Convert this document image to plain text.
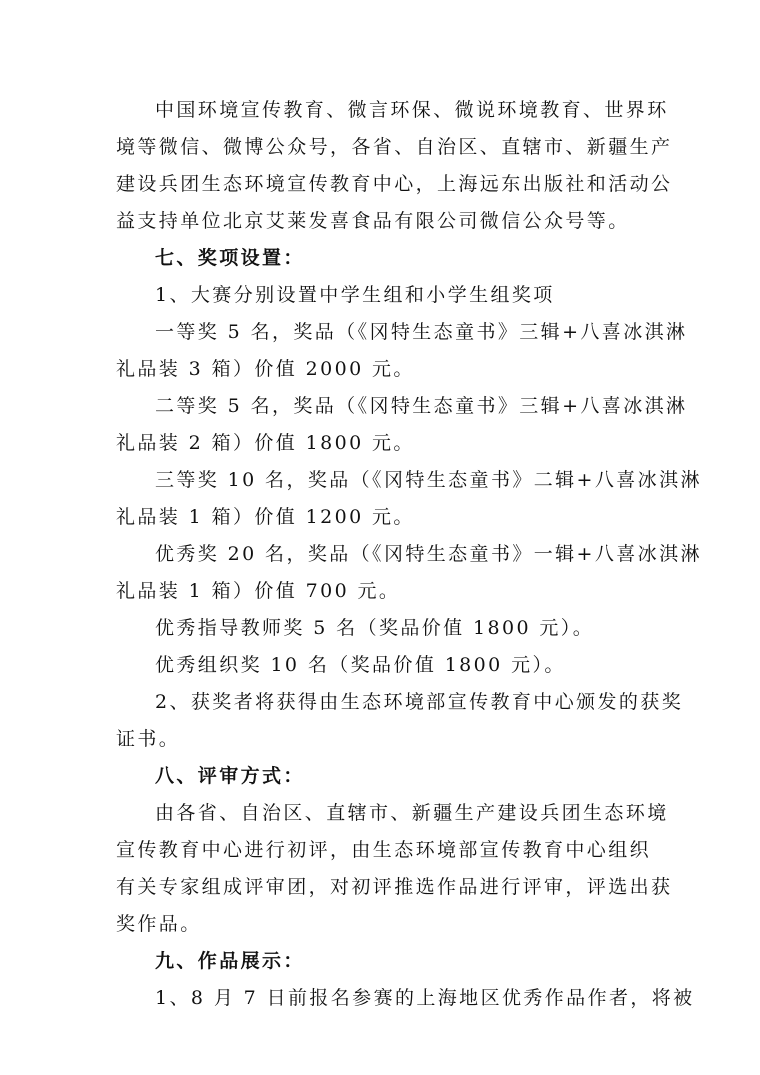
中国环境宣传教育、微言环保、微说环境教育、世界环
境等微信、微博公众号，各省、自治区、直辖市、新疆生产
建设兵团生态环境宣传教育中心，上海远东出版社和活动公
益支持单位北京艾莱发喜食品有限公司微信公众号等。
七、奖项设置：
1、大赛分别设置中学生组和小学生组奖项
一等奖 5 名，奖品（《冈特生态童书》三辑+八喜冰淇淋
礼品装 3 箱）价值 2000 元。
二等奖 5 名，奖品（《冈特生态童书》三辑+八喜冰淇淋
礼品装 2 箱）价值 1800 元。
三等奖 10 名，奖品（《冈特生态童书》二辑+八喜冰淇淋
礼品装 1 箱）价值 1200 元。
优秀奖 20 名，奖品（《冈特生态童书》一辑+八喜冰淇淋
礼品装 1 箱）价值 700 元。
优秀指导教师奖 5 名（奖品价值 1800 元）。
优秀组织奖 10 名（奖品价值 1800 元）。
2、获奖者将获得由生态环境部宣传教育中心颁发的获奖
证书。
八、评审方式：
由各省、自治区、直辖市、新疆生产建设兵团生态环境
宣传教育中心进行初评，由生态环境部宣传教育中心组织
有关专家组成评审团，对初评推选作品进行评审，评选出获
奖作品。
九、作品展示：
1、8 月 7 日前报名参赛的上海地区优秀作品作者，将被
